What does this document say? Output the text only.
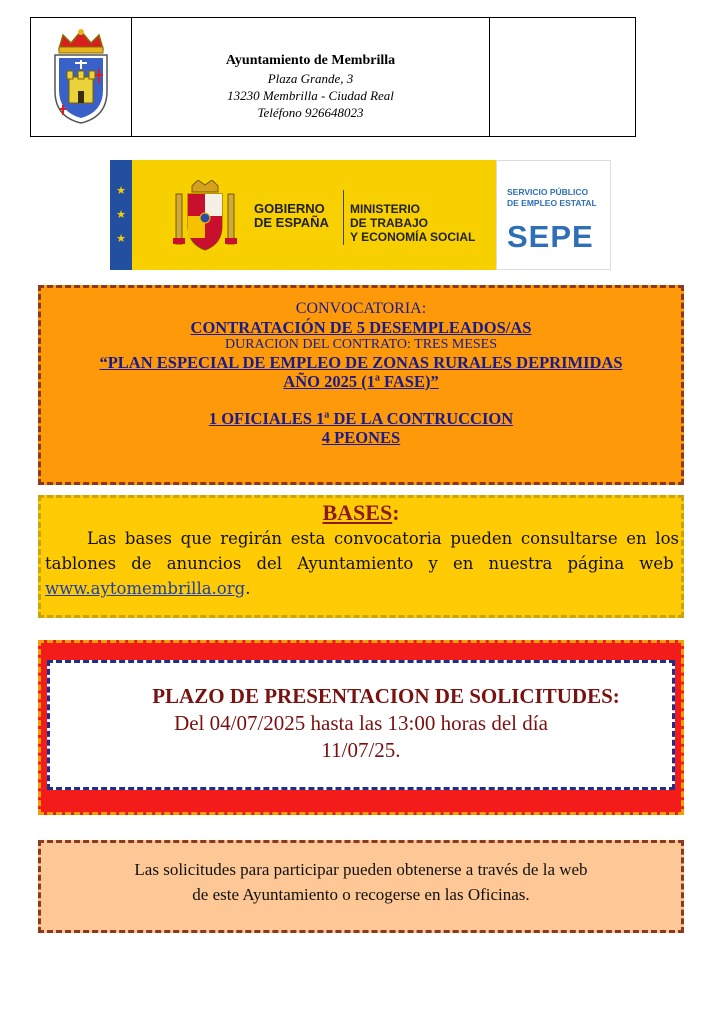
Ayuntamiento de Membrilla
Plaza Grande, 3
13230 Membrilla - Ciudad Real
Teléfono 926648023
★
★
★
GOBIERNO
DE ESPAÑA
MINISTERIO
DE TRABAJO
Y ECONOMÍA SOCIAL
SERVICIO PÚBLICO
DE EMPLEO ESTATAL
SEPE
CONVOCATORIA:
CONTRATACIÓN DE 5 DESEMPLEADOS/AS
DURACION DEL CONTRATO: TRES MESES
“PLAN ESPECIAL DE EMPLEO DE ZONAS RURALES DEPRIMIDAS
AÑO 2025 (1ª FASE)”
1 OFICIALES 1ª DE LA CONTRUCCION
4 PEONES
BASES:
Las bases que regirán esta convocatoria pueden consultarse en los tablones de anuncios del Ayuntamiento y en nuestra página web  www.aytomembrilla.org.
PLAZO DE PRESENTACION DE SOLICITUDES:
Del 04/07/2025 hasta las 13:00 horas del día
11/07/25.
Las solicitudes para participar pueden obtenerse a través de la web
de este Ayuntamiento o recogerse en las Oficinas.
